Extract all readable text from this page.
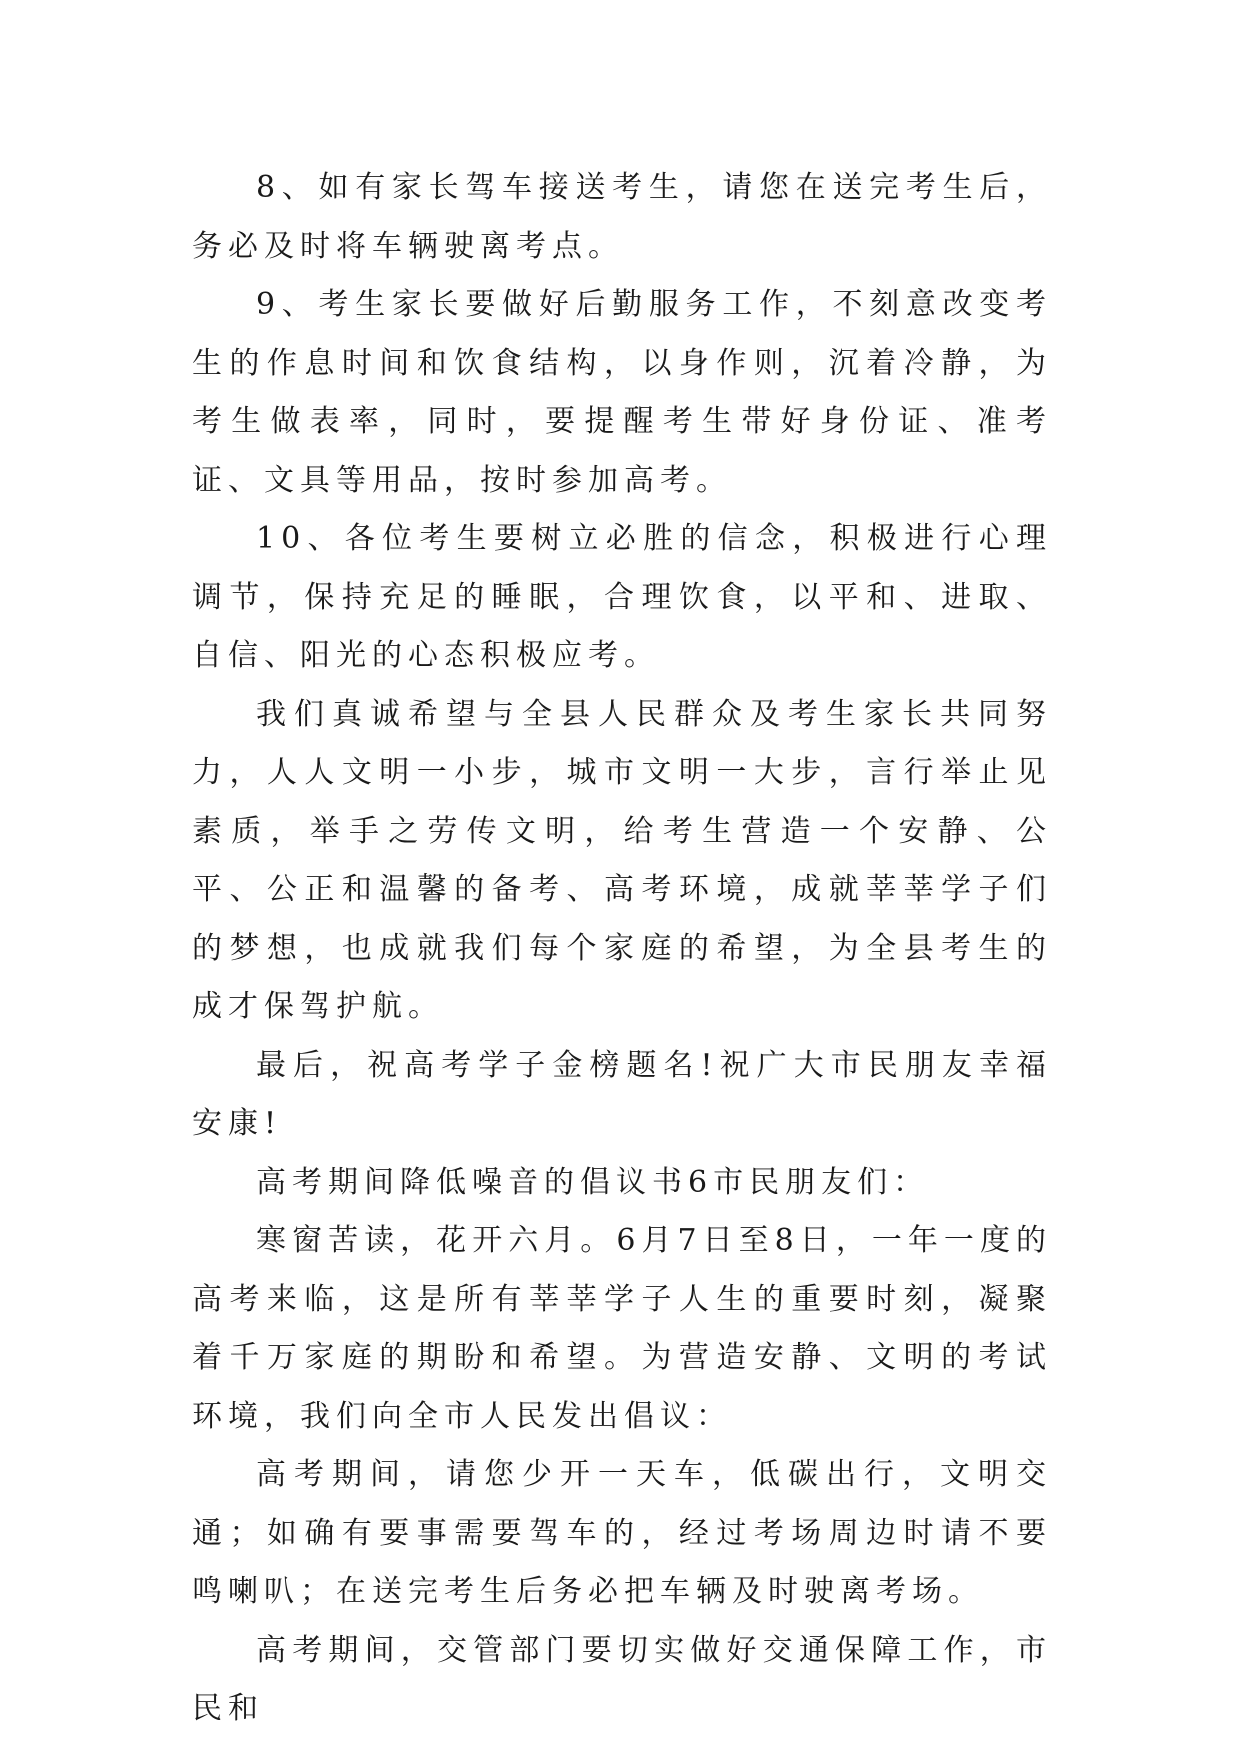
8、如有家长驾车接送考生，请您在送完考生后，务必及时将车辆驶离考点。

9、考生家长要做好后勤服务工作，不刻意改变考生的作息时间和饮食结构，以身作则，沉着冷静，为考生做表率，同时，要提醒考生带好身份证、准考证、文具等用品，按时参加高考。

10、各位考生要树立必胜的信念，积极进行心理调节，保持充足的睡眠，合理饮食，以平和、进取、自信、阳光的心态积极应考。

我们真诚希望与全县人民群众及考生家长共同努力，人人文明一小步，城市文明一大步，言行举止见素质，举手之劳传文明，给考生营造一个安静、公平、公正和温馨的备考、高考环境，成就莘莘学子们的梦想，也成就我们每个家庭的希望，为全县考生的成才保驾护航。

最后，祝高考学子金榜题名!祝广大市民朋友幸福安康!

高考期间降低噪音的倡议书6市民朋友们：

寒窗苦读，花开六月。6月7日至8日，一年一度的高考来临，这是所有莘莘学子人生的重要时刻，凝聚着千万家庭的期盼和希望。为营造安静、文明的考试环境，我们向全市人民发出倡议：

高考期间，请您少开一天车，低碳出行，文明交通；如确有要事需要驾车的，经过考场周边时请不要鸣喇叭；在送完考生后务必把车辆及时驶离考场。

高考期间，交管部门要切实做好交通保障工作，市民和
